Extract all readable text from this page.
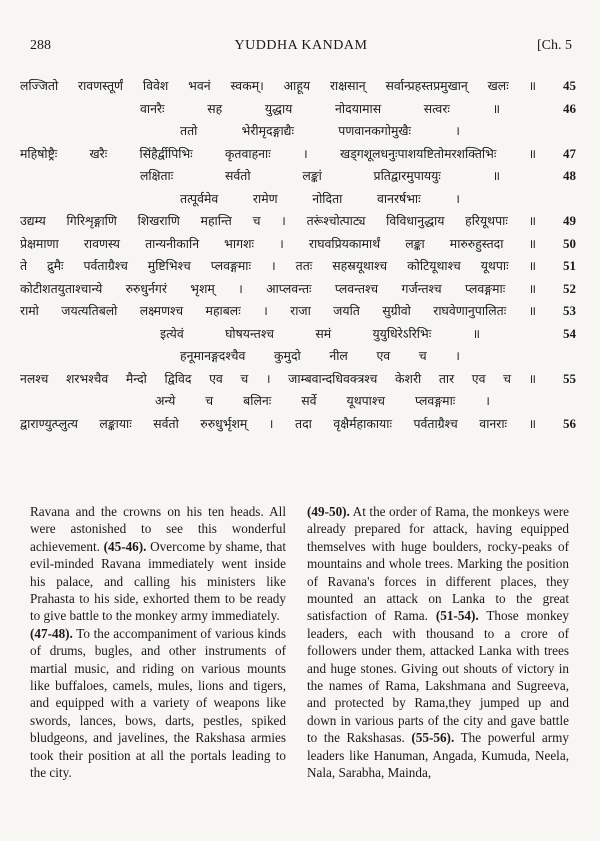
288	YUDDHA KANDAM	[Ch. 5
लज्जितो रावणस्तूर्णं विवेश भवनं स्वकम्। आहूय राक्षसान् सर्वान्प्रहस्तप्रमुखान् खलः ॥	45
वानरैः सह युद्धाय नोदयामास सत्वरः ॥	46
ततो भेरीमृदङ्गाद्यैः पणवानकगोमुखैः ।
महिषोष्ट्रैः खरैः सिंहैर्द्वीपिभिः कृतवाहनाः । खड्गशूलधनुःपाशयष्टितोमरशक्तिभिः ॥	47
लक्षिताः सर्वतो लङ्कां प्रतिद्वारमुपाययुः ॥	48
तत्पूर्वमेव रामेण नोदिता वानरर्षभाः ।
उद्यम्य गिरिशृङ्गाणि शिखराणि महान्ति च । तरूंश्चोत्पाट्य विविधानुद्धाय हरियूथपाः ॥	49
प्रेक्षमाणा रावणस्य तान्यनीकानि भागशः । राघवप्रियकामार्थं लङ्का मारुरुहुस्तदा ॥	50
ते द्रुमैः पर्वताग्रैश्च मुष्टिभिश्च प्लवङ्गमाः । ततः सहस्रयूथाश्च कोटियूथाश्च यूथपाः ॥	51
कोटीशतयुताश्चान्ये रुरुधुर्नगरं भृशम् । आप्लवन्तः प्लवन्तश्च गर्जन्तश्च प्लवङ्गमाः ॥	52
रामो जयत्यतिबलो लक्ष्मणश्च महाबलः । राजा जयति सुग्रीवो राघवेणानुपालितः ॥	53
इत्येवं घोषयन्तश्च समं युयुधिरेऽरिभिः ॥	54
हनूमानङ्गदश्चैव कुमुदो नील एव च ।
नलश्च शरभश्चैव मैन्दो द्विविद एव च । जाम्बवान्दधिवक्त्रश्च केशरी तार एव च ॥	55
अन्ये च बलिनः सर्वे यूथपाश्च प्लवङ्गमाः ।
द्वाराण्युत्प्लुत्य लङ्कायाः सर्वतो रुरुधुर्भृशम् । तदा वृक्षैर्महाकायाः पर्वताग्रैश्च वानराः ॥	56

Ravana and the crowns on his ten heads. All were astonished to see this wonderful achievement. (45-46). Overcome by shame, that evil-minded Ravana immediately went inside his palace, and calling his ministers like Prahasta to his side, exhorted them to be ready to give battle to the monkey army immediately.

(47-48). To the accompaniment of various kinds of drums, bugles, and other instruments of martial music, and riding on various mounts like buffaloes, camels, mules, lions and tigers, and equipped with a variety of weapons like swords, lances, bows, darts, pestles, spiked bludgeons, and javelines, the Rakshasa armies took their position at all the portals leading to the city.

(49-50). At the order of Rama, the monkeys were already prepared for attack, having equipped themselves with huge boulders, rocky-peaks of mountains and whole trees. Marking the position of Ravana's forces in different places, they mounted an attack on Lanka to the great satisfaction of Rama. (51-54). Those monkey leaders, each with thousand to a crore of followers under them, attacked Lanka with trees and huge stones. Giving out shouts of victory in the names of Rama, Lakshmana and Sugreeva, and protected by Rama,they jumped up and down in various parts of the city and gave battle to the Rakshasas. (55-56). The powerful army leaders like Hanuman, Angada, Kumuda, Neela, Nala, Sarabha, Mainda,
